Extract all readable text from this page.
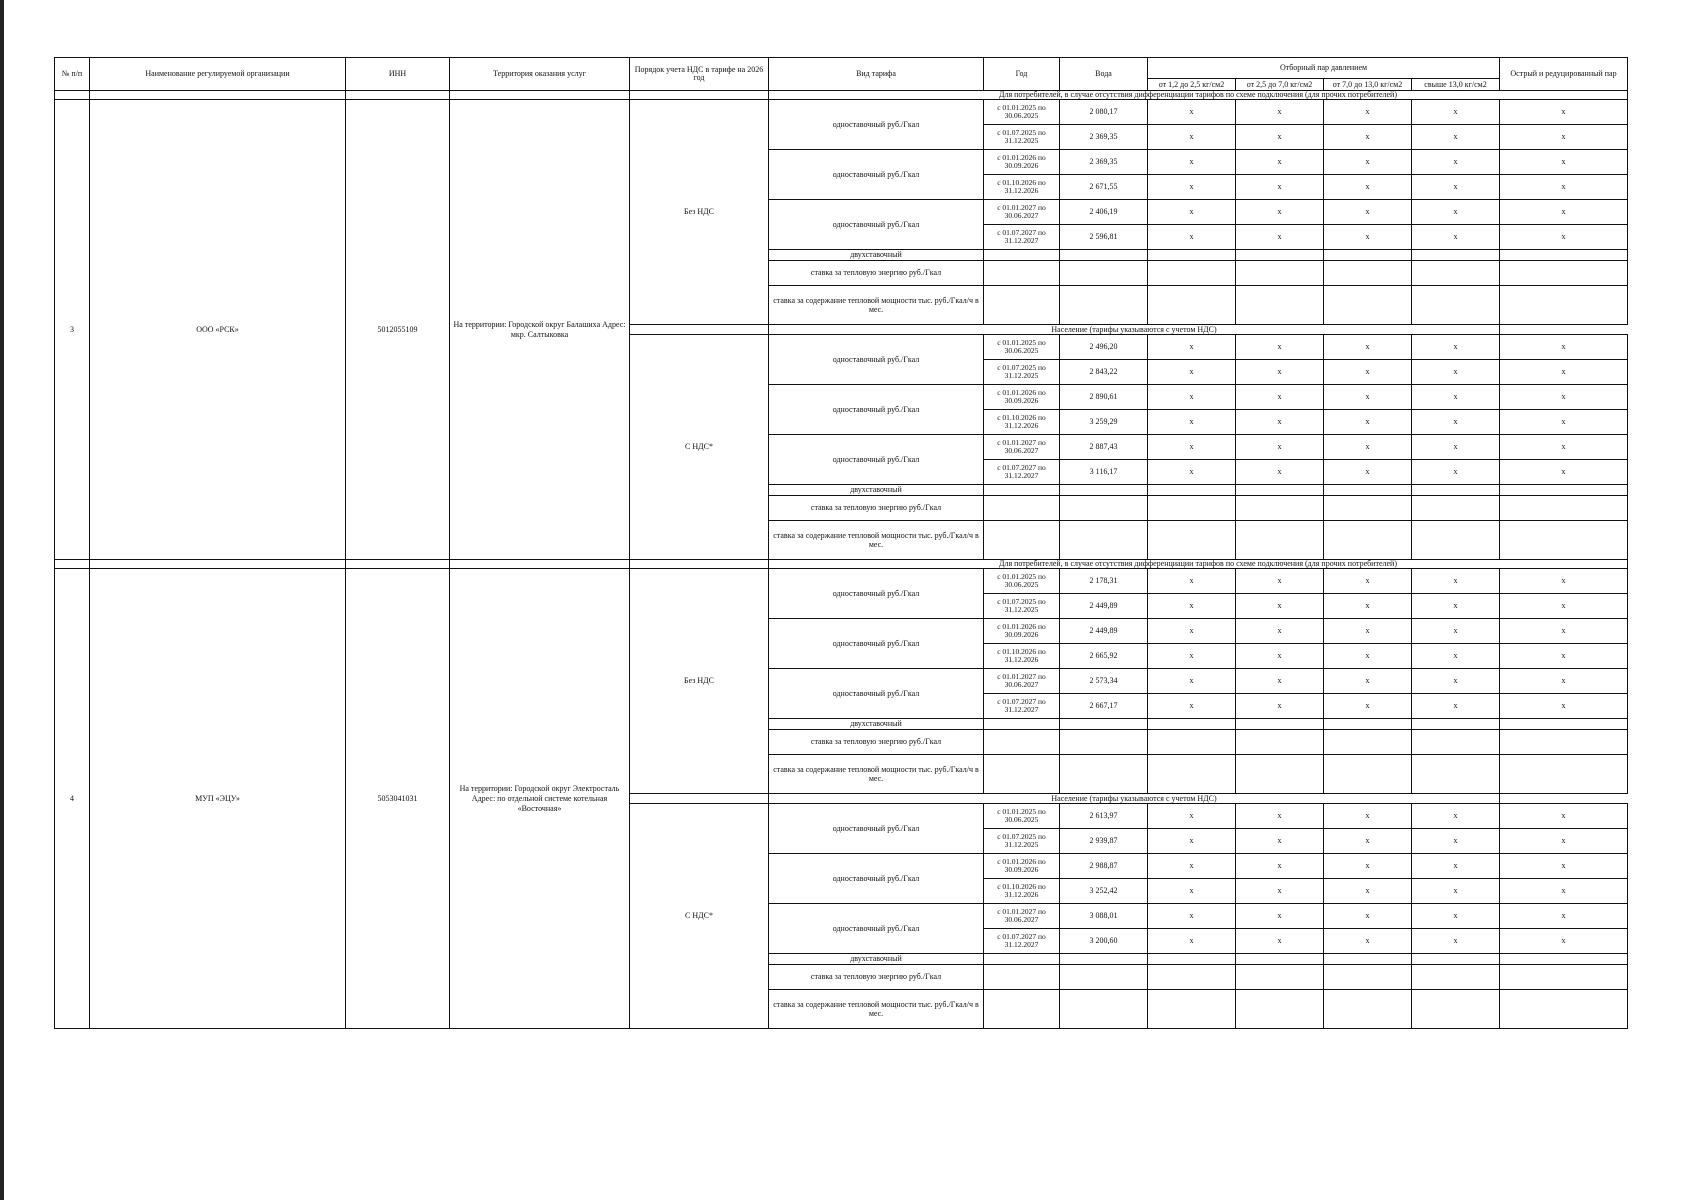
№ п/п	Наименование регулируемой организации	ИНН	Территория оказания услуг	Порядок учета НДС в тарифе на 2026 год	Вид тарифа	Год	Вода	Отборный пар давлением				Острый и редуцированный пар
								от 1,2 до 2,5 кг/см2	от 2,5 до 7,0 кг/см2	от 7,0 до 13,0 кг/см2	свыше 13,0 кг/см2	
					Для потребителей, в случае отсутствия дифференциации тарифов по схеме подключения (для прочих потребителей)							
3	ООО «РСК»	5012055109	На территории: Городской округ Балашиха Адрес: мкр. Салтыковка	Без НДС	одноставочный руб./Гкал	с 01.01.2025 по 30.06.2025	2 080,17	х	х	х	х	х
						с 01.07.2025 по 31.12.2025	2 369,35	х	х	х	х	х
					одноставочный руб./Гкал	с 01.01.2026 по 30.09.2026	2 369,35	х	х	х	х	х
						с 01.10.2026 по 31.12.2026	2 671,55	х	х	х	х	х
					одноставочный руб./Гкал	с 01.01.2027 по 30.06.2027	2 406,19	х	х	х	х	х
						с 01.07.2027 по 31.12.2027	2 596,81	х	х	х	х	х
					двухставочный							
					ставка за тепловую энергию руб./Гкал							
					ставка за содержание тепловой мощности тыс. руб./Гкал/ч в мес.							
					Население (тарифы указываются с учетом НДС)							
				С НДС*	одноставочный руб./Гкал	с 01.01.2025 по 30.06.2025	2 496,20	х	х	х	х	х
						с 01.07.2025 по 31.12.2025	2 843,22	х	х	х	х	х
					одноставочный руб./Гкал	с 01.01.2026 по 30.09.2026	2 890,61	х	х	х	х	х
						с 01.10.2026 по 31.12.2026	3 259,29	х	х	х	х	х
					одноставочный руб./Гкал	с 01.01.2027 по 30.06.2027	2 887,43	х	х	х	х	х
						с 01.07.2027 по 31.12.2027	3 116,17	х	х	х	х	х
					двухставочный							
					ставка за тепловую энергию руб./Гкал							
					ставка за содержание тепловой мощности тыс. руб./Гкал/ч в мес.							
					Для потребителей, в случае отсутствия дифференциации тарифов по схеме подключения (для прочих потребителей)							
4	МУП «ЭЦУ»	5053041031	На территории: Городской округ Электросталь Адрес: по отдельной системе котельная «Восточная»	Без НДС	одноставочный руб./Гкал	с 01.01.2025 по 30.06.2025	2 178,31	х	х	х	х	х
						с 01.07.2025 по 31.12.2025	2 449,89	х	х	х	х	х
					одноставочный руб./Гкал	с 01.01.2026 по 30.09.2026	2 449,89	х	х	х	х	х
						с 01.10.2026 по 31.12.2026	2 665,92	х	х	х	х	х
					одноставочный руб./Гкал	с 01.01.2027 по 30.06.2027	2 573,34	х	х	х	х	х
						с 01.07.2027 по 31.12.2027	2 667,17	х	х	х	х	х
					двухставочный							
					ставка за тепловую энергию руб./Гкал							
					ставка за содержание тепловой мощности тыс. руб./Гкал/ч в мес.							
					Население (тарифы указываются с учетом НДС)							
				С НДС*	одноставочный руб./Гкал	с 01.01.2025 по 30.06.2025	2 613,97	х	х	х	х	х
						с 01.07.2025 по 31.12.2025	2 939,87	х	х	х	х	х
					одноставочный руб./Гкал	с 01.01.2026 по 30.09.2026	2 988,87	х	х	х	х	х
						с 01.10.2026 по 31.12.2026	3 252,42	х	х	х	х	х
					одноставочный руб./Гкал	с 01.01.2027 по 30.06.2027	3 088,01	х	х	х	х	х
						с 01.07.2027 по 31.12.2027	3 200,60	х	х	х	х	х
					двухставочный							
					ставка за тепловую энергию руб./Гкал							
					ставка за содержание тепловой мощности тыс. руб./Гкал/ч в мес.							
